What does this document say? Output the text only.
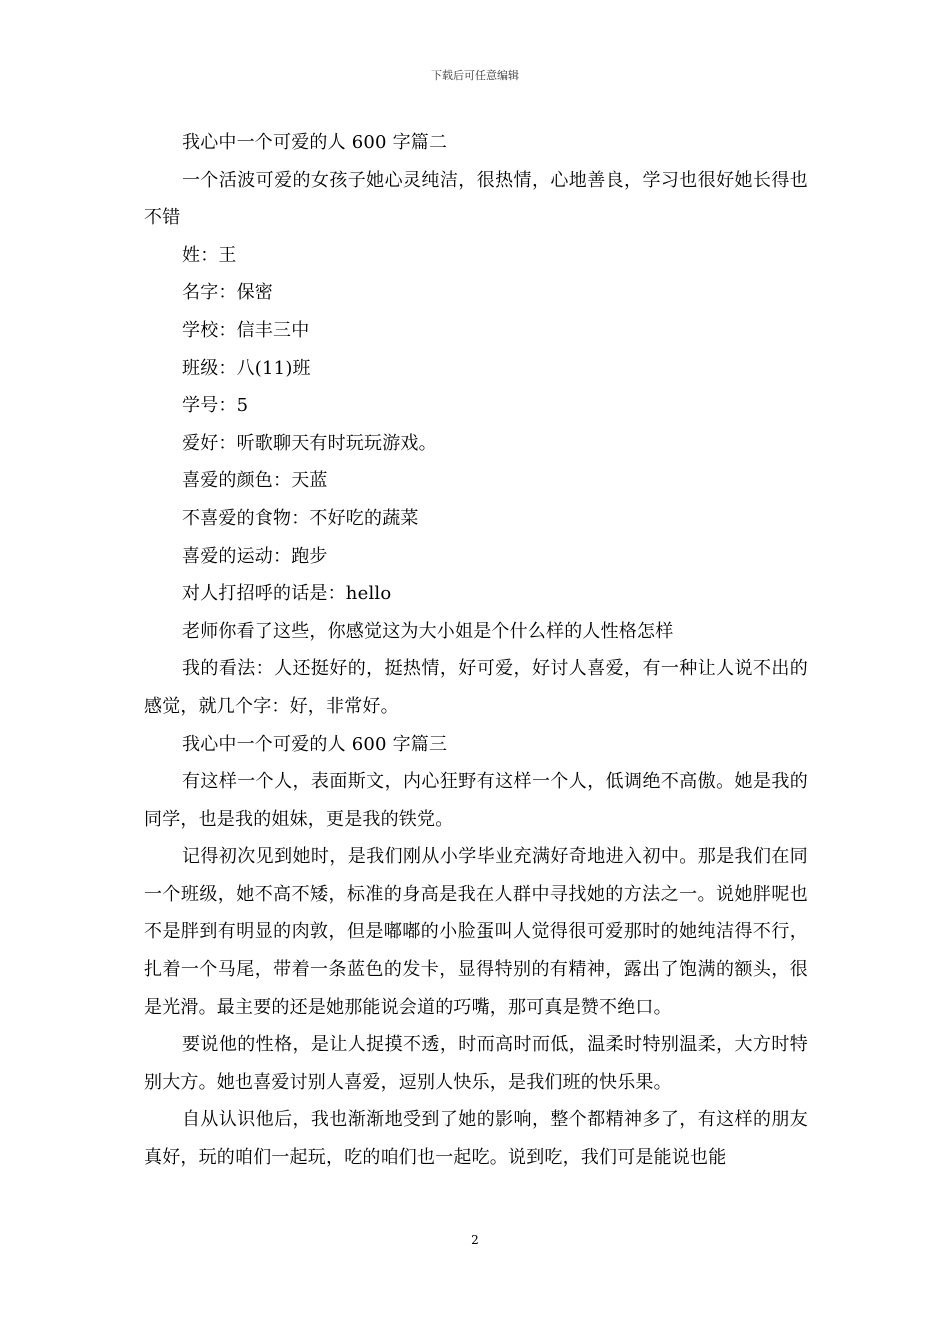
下载后可任意编辑

我心中一个可爱的人 600 字篇二

一个活波可爱的女孩子她心灵纯洁，很热情，心地善良，学习也很好她长得也不错

姓：王

名字：保密

学校：信丰三中

班级：八(11)班

学号：5

爱好：听歌聊天有时玩玩游戏。

喜爱的颜色：天蓝

不喜爱的食物：不好吃的蔬菜

喜爱的运动：跑步

对人打招呼的话是：hello

老师你看了这些，你感觉这为大小姐是个什么样的人性格怎样

我的看法：人还挺好的，挺热情，好可爱，好讨人喜爱，有一种让人说不出的感觉，就几个字：好，非常好。

我心中一个可爱的人 600 字篇三

有这样一个人，表面斯文，内心狂野有这样一个人，低调绝不高傲。她是我的同学，也是我的姐妹，更是我的铁党。

记得初次见到她时，是我们刚从小学毕业充满好奇地进入初中。那是我们在同一个班级，她不高不矮，标准的身高是我在人群中寻找她的方法之一。说她胖呢也不是胖到有明显的肉敦，但是嘟嘟的小脸蛋叫人觉得很可爱那时的她纯洁得不行，扎着一个马尾，带着一条蓝色的发卡，显得特别的有精神，露出了饱满的额头，很是光滑。最主要的还是她那能说会道的巧嘴，那可真是赞不绝口。

要说他的性格，是让人捉摸不透，时而高时而低，温柔时特别温柔，大方时特别大方。她也喜爱讨别人喜爱，逗别人快乐，是我们班的快乐果。

自从认识他后，我也渐渐地受到了她的影响，整个都精神多了，有这样的朋友真好，玩的咱们一起玩，吃的咱们也一起吃。说到吃，我们可是能说也能

2
